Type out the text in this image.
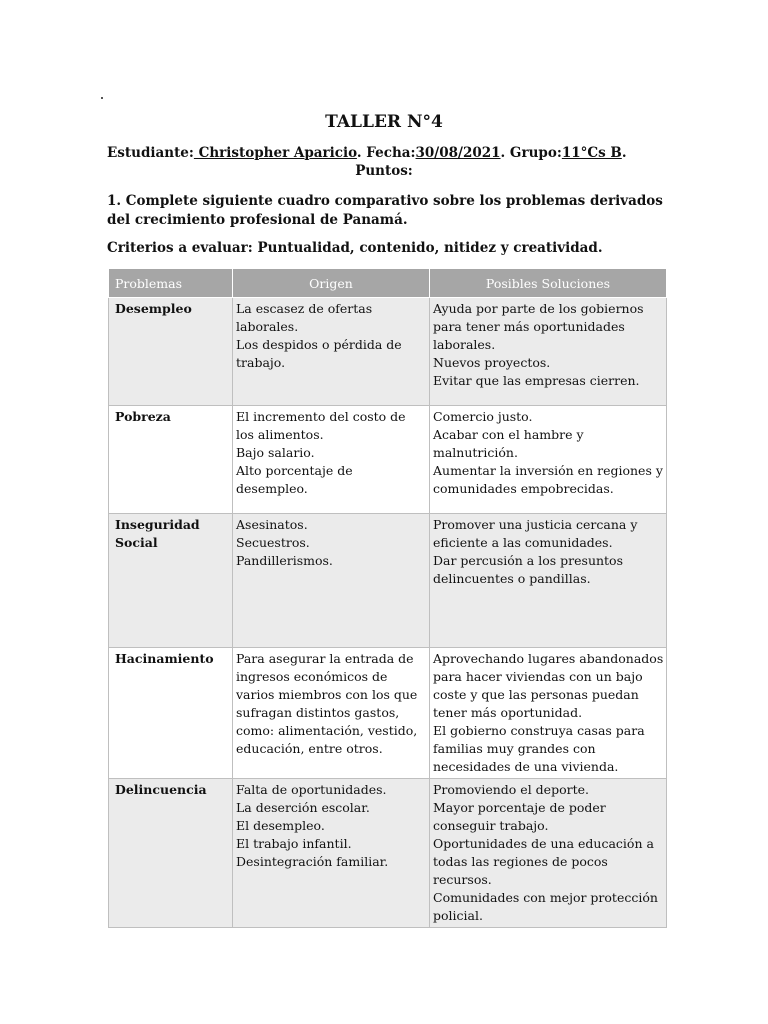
TALLER N°4
Estudiante: Christopher Aparicio. Fecha:30/08/2021. Grupo:11°Cs B.
Puntos:
1. Complete siguiente cuadro comparativo sobre los problemas derivados del crecimiento profesional de Panamá.
Criterios a evaluar: Puntualidad, contenido, nitidez y creatividad.
Problemas	Origen	Posibles Soluciones

Desempleo	La escasez de ofertas laborales.
Los despidos o pérdida de trabajo.	Ayuda por parte de los gobiernos para tener más oportunidades laborales.
Nuevos proyectos.
Evitar que las empresas cierren.

Pobreza	El incremento del costo de los alimentos.
Bajo salario.
Alto porcentaje de desempleo.	Comercio justo.
Acabar con el hambre y malnutrición.
Aumentar la inversión en regiones y comunidades empobrecidas.

Inseguridad
Social	Asesinatos.
Secuestros.
Pandillerismos.	Promover una justicia cercana y eficiente a las comunidades.
Dar percusión a los presuntos delincuentes o pandillas.

Hacinamiento	Para asegurar la entrada de ingresos económicos de varios miembros con los que sufragan distintos gastos, como: alimentación, vestido, educación, entre otros.	Aprovechando lugares abandonados para hacer viviendas con un bajo coste y que las personas puedan tener más oportunidad.
El gobierno construya casas para familias muy grandes con necesidades de una vivienda.

Delincuencia	Falta de oportunidades.
La deserción escolar.
El desempleo.
El trabajo infantil.
Desintegración familiar.	Promoviendo el deporte.
Mayor porcentaje de poder conseguir trabajo.
Oportunidades de una educación a todas las regiones de pocos recursos.
Comunidades con mejor protección policial.
